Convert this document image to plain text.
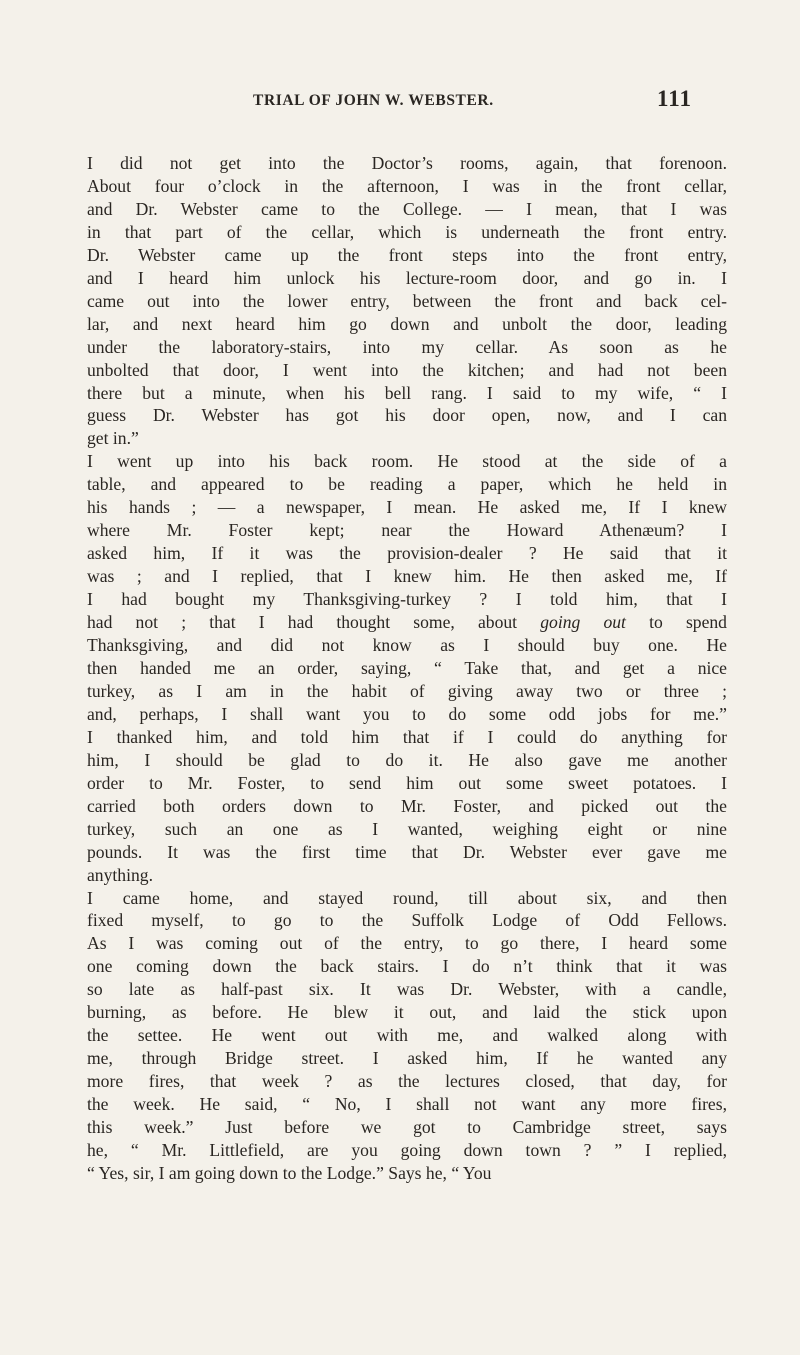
TRIAL OF JOHN W. WEBSTER.	111
I did not get into the Doctor’s rooms, again, that forenoon.
About four o’clock in the afternoon, I was in the front cellar,
and Dr. Webster came to the College. — I mean, that I was
in that part of the cellar, which is underneath the front entry.
Dr. Webster came up the front steps into the front entry,
and I heard him unlock his lecture-room door, and go in. I
came out into the lower entry, between the front and back cel-
lar, and next heard him go down and unbolt the door, leading
under the laboratory-stairs, into my cellar. As soon as he
unbolted that door, I went into the kitchen; and had not been
there but a minute, when his bell rang. I said to my wife, “ I
guess Dr. Webster has got his door open, now, and I can
get in.”
I went up into his back room. He stood at the side of a
table, and appeared to be reading a paper, which he held in
his hands ; — a newspaper, I mean. He asked me, If I knew
where Mr. Foster kept; near the Howard Athenæum? I
asked him, If it was the provision-dealer ? He said that it
was ; and I replied, that I knew him. He then asked me, If
I had bought my Thanksgiving-turkey ? I told him, that I
had not ; that I had thought some, about going out to spend
Thanksgiving, and did not know as I should buy one. He
then handed me an order, saying, “ Take that, and get a nice
turkey, as I am in the habit of giving away two or three ;
and, perhaps, I shall want you to do some odd jobs for me.”
I thanked him, and told him that if I could do anything for
him, I should be glad to do it. He also gave me another
order to Mr. Foster, to send him out some sweet potatoes. I
carried both orders down to Mr. Foster, and picked out the
turkey, such an one as I wanted, weighing eight or nine
pounds. It was the first time that Dr. Webster ever gave me
anything.
I came home, and stayed round, till about six, and then
fixed myself, to go to the Suffolk Lodge of Odd Fellows.
As I was coming out of the entry, to go there, I heard some
one coming down the back stairs. I do n’t think that it was
so late as half-past six. It was Dr. Webster, with a candle,
burning, as before. He blew it out, and laid the stick upon
the settee. He went out with me, and walked along with
me, through Bridge street. I asked him, If he wanted any
more fires, that week ? as the lectures closed, that day, for
the week. He said, “ No, I shall not want any more fires,
this week.” Just before we got to Cambridge street, says
he, “ Mr. Littlefield, are you going down town ? ” I replied,
“ Yes, sir, I am going down to the Lodge.” Says he, “ You
